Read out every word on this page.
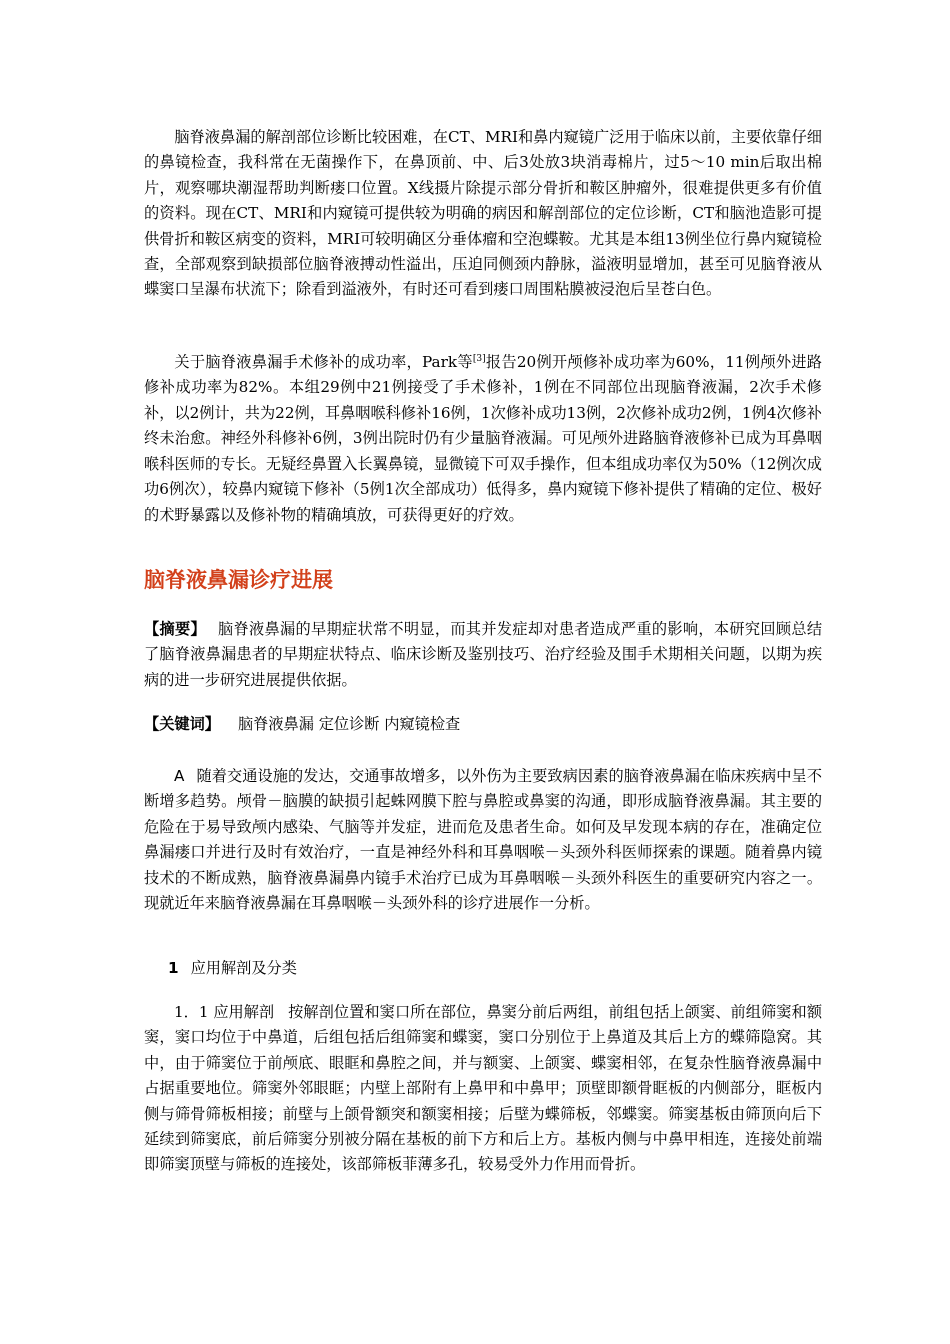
脑脊液鼻漏的解剖部位诊断比较困难，在CT、MRI和鼻内窥镜广泛用于临床以前，主要依靠仔细的鼻镜检查，我科常在无菌操作下，在鼻顶前、中、后3处放3块消毒棉片，过5～10 min后取出棉片，观察哪块潮湿帮助判断瘘口位置。X线摄片除提示部分骨折和鞍区肿瘤外，很难提供更多有价值的资料。现在CT、MRI和内窥镜可提供较为明确的病因和解剖部位的定位诊断，CT和脑池造影可提供骨折和鞍区病变的资料，MRI可较明确区分垂体瘤和空泡蝶鞍。尤其是本组13例坐位行鼻内窥镜检查，全部观察到缺损部位脑脊液搏动性溢出，压迫同侧颈内静脉，溢液明显增加，甚至可见脑脊液从蝶窦口呈瀑布状流下；除看到溢液外，有时还可看到瘘口周围粘膜被浸泡后呈苍白色。

关于脑脊液鼻漏手术修补的成功率，Park等[3]报告20例开颅修补成功率为60%，11例颅外进路修补成功率为82%。本组29例中21例接受了手术修补，1例在不同部位出现脑脊液漏，2次手术修补，以2例计，共为22例，耳鼻咽喉科修补16例，1次修补成功13例，2次修补成功2例，1例4次修补终未治愈。神经外科修补6例，3例出院时仍有少量脑脊液漏。可见颅外进路脑脊液修补已成为耳鼻咽喉科医师的专长。无疑经鼻置入长翼鼻镜，显微镜下可双手操作，但本组成功率仅为50%（12例次成功6例次），较鼻内窥镜下修补（5例1次全部成功）低得多，鼻内窥镜下修补提供了精确的定位、极好的术野暴露以及修补物的精确填放，可获得更好的疗效。

脑脊液鼻漏诊疗进展

【摘要】 脑脊液鼻漏的早期症状常不明显，而其并发症却对患者造成严重的影响，本研究回顾总结了脑脊液鼻漏患者的早期症状特点、临床诊断及鉴别技巧、治疗经验及围手术期相关问题，以期为疾病的进一步研究进展提供依据。

【关键词】 脑脊液鼻漏 定位诊断 内窥镜检查

A 随着交通设施的发达，交通事故增多，以外伤为主要致病因素的脑脊液鼻漏在临床疾病中呈不断增多趋势。颅骨－脑膜的缺损引起蛛网膜下腔与鼻腔或鼻窦的沟通，即形成脑脊液鼻漏。其主要的危险在于易导致颅内感染、气脑等并发症，进而危及患者生命。如何及早发现本病的存在，准确定位鼻漏瘘口并进行及时有效治疗，一直是神经外科和耳鼻咽喉－头颈外科医师探索的课题。随着鼻内镜技术的不断成熟，脑脊液鼻漏鼻内镜手术治疗已成为耳鼻咽喉－头颈外科医生的重要研究内容之一。现就近年来脑脊液鼻漏在耳鼻咽喉－头颈外科的诊疗进展作一分析。

1 应用解剖及分类

1．1 应用解剖 按解剖位置和窦口所在部位，鼻窦分前后两组，前组包括上颌窦、前组筛窦和额窦，窦口均位于中鼻道，后组包括后组筛窦和蝶窦，窦口分别位于上鼻道及其后上方的蝶筛隐窝。其中，由于筛窦位于前颅底、眼眶和鼻腔之间，并与额窦、上颌窦、蝶窦相邻，在复杂性脑脊液鼻漏中占据重要地位。筛窦外邻眼眶；内壁上部附有上鼻甲和中鼻甲；顶壁即额骨眶板的内侧部分，眶板内侧与筛骨筛板相接；前壁与上颌骨额突和额窦相接；后壁为蝶筛板，邻蝶窦。筛窦基板由筛顶向后下延续到筛窦底，前后筛窦分别被分隔在基板的前下方和后上方。基板内侧与中鼻甲相连，连接处前端即筛窦顶壁与筛板的连接处，该部筛板菲薄多孔，较易受外力作用而骨折。
